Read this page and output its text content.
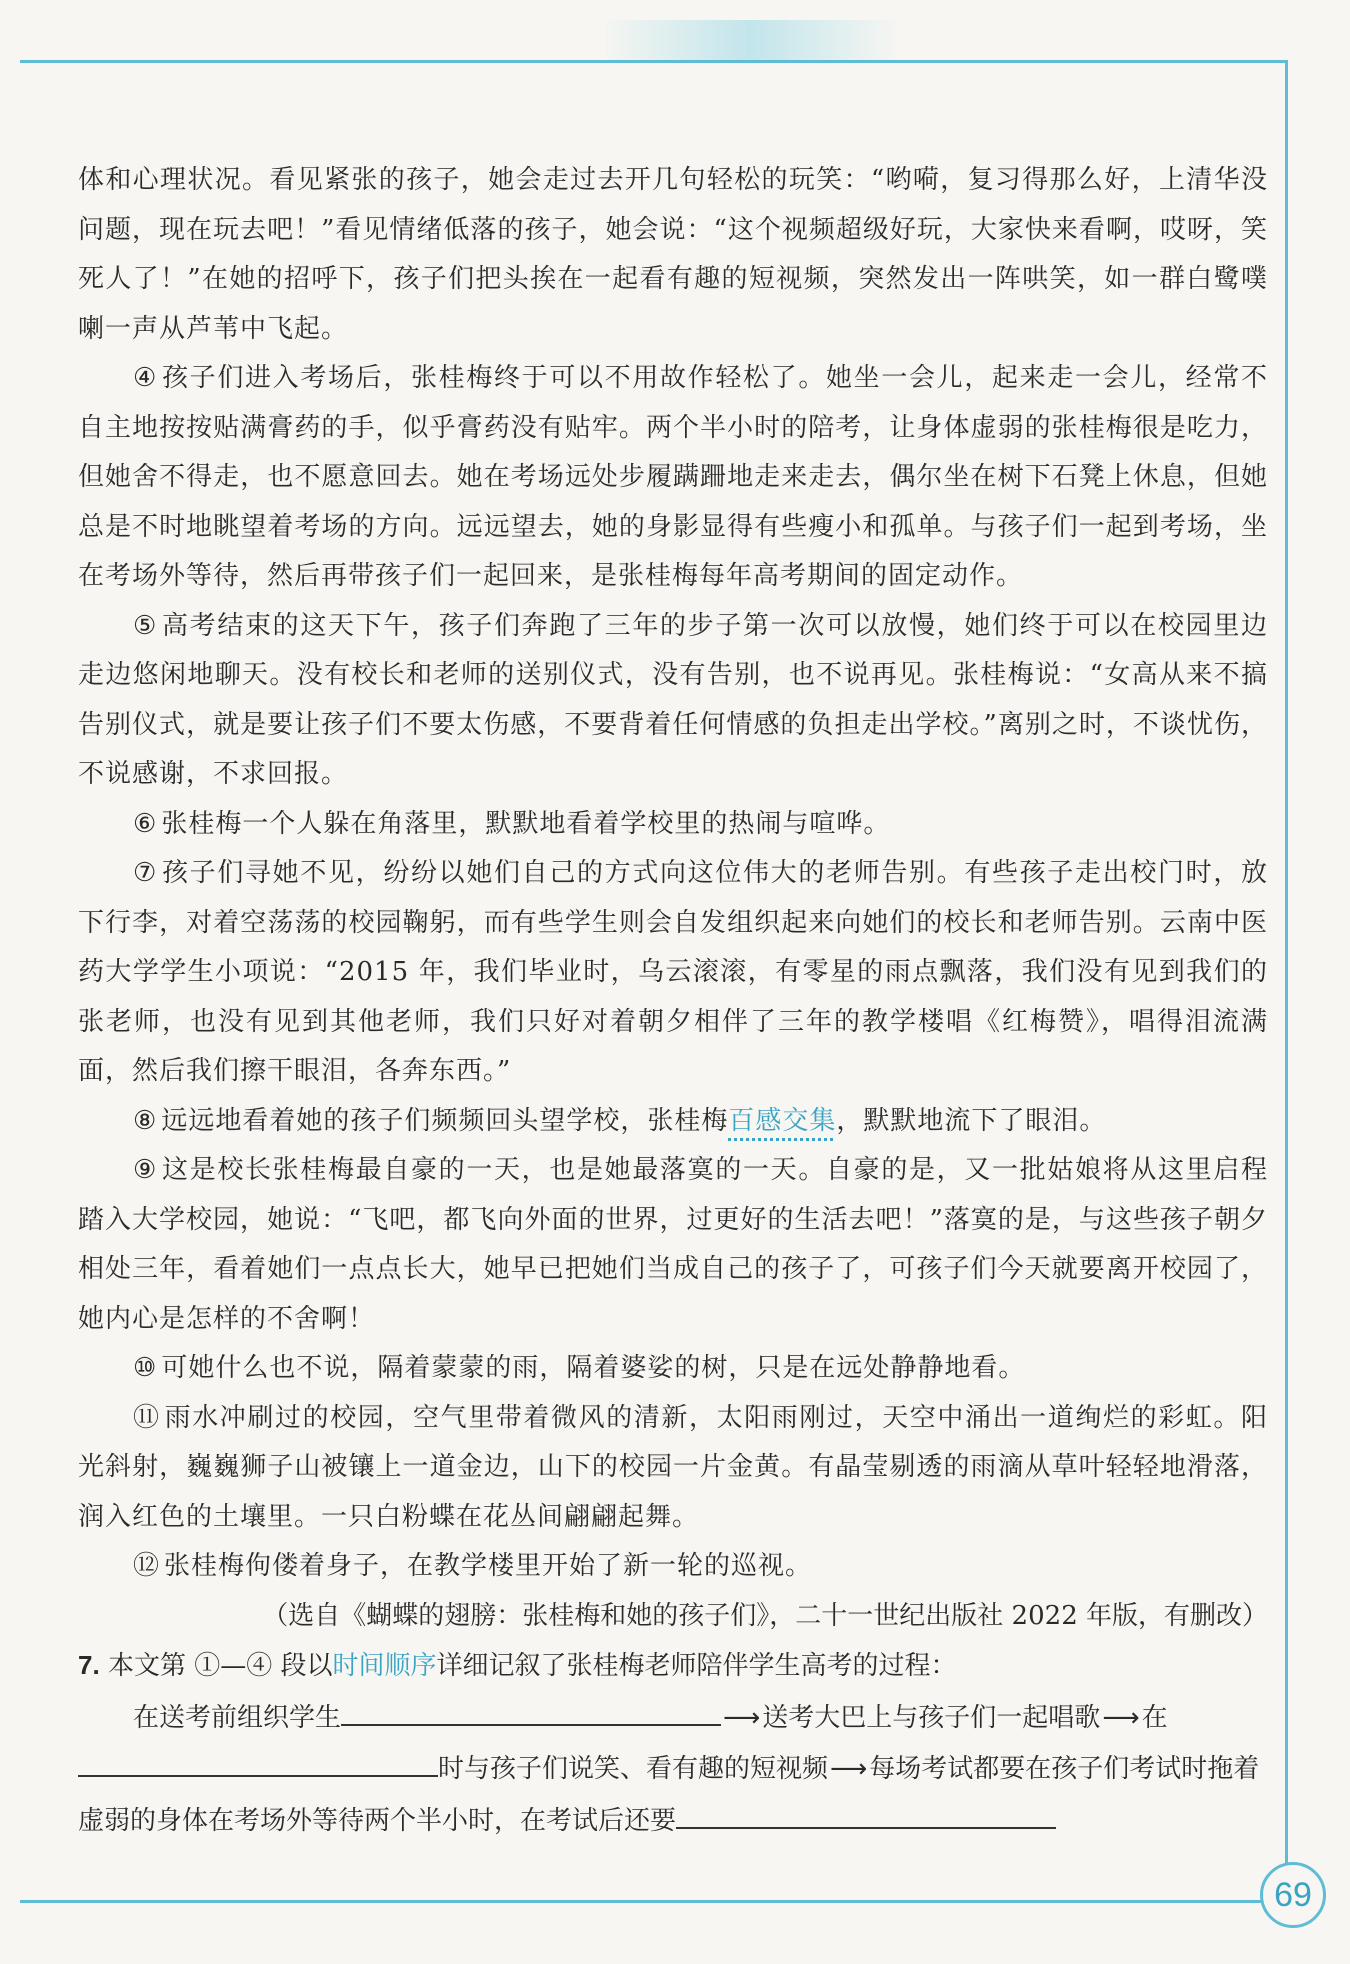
69

体和心理状况。看见紧张的孩子，她会走过去开几句轻松的玩笑：“哟嗬，复习得那么好，上清华没问题，现在玩去吧！”看见情绪低落的孩子，她会说：“这个视频超级好玩，大家快来看啊，哎呀，笑死人了！”在她的招呼下，孩子们把头挨在一起看有趣的短视频，突然发出一阵哄笑，如一群白鹭噗喇一声从芦苇中飞起。

④ 孩子们进入考场后，张桂梅终于可以不用故作轻松了。她坐一会儿，起来走一会儿，经常不自主地按按贴满膏药的手，似乎膏药没有贴牢。两个半小时的陪考，让身体虚弱的张桂梅很是吃力，但她舍不得走，也不愿意回去。她在考场远处步履蹒跚地走来走去，偶尔坐在树下石凳上休息，但她总是不时地眺望着考场的方向。远远望去，她的身影显得有些瘦小和孤单。与孩子们一起到考场，坐在考场外等待，然后再带孩子们一起回来，是张桂梅每年高考期间的固定动作。

⑤ 高考结束的这天下午，孩子们奔跑了三年的步子第一次可以放慢，她们终于可以在校园里边走边悠闲地聊天。没有校长和老师的送别仪式，没有告别，也不说再见。张桂梅说：“女高从来不搞告别仪式，就是要让孩子们不要太伤感，不要背着任何情感的负担走出学校。”离别之时，不谈忧伤，不说感谢，不求回报。

⑥ 张桂梅一个人躲在角落里，默默地看着学校里的热闹与喧哗。

⑦ 孩子们寻她不见，纷纷以她们自己的方式向这位伟大的老师告别。有些孩子走出校门时，放下行李，对着空荡荡的校园鞠躬，而有些学生则会自发组织起来向她们的校长和老师告别。云南中医药大学学生小项说：“2015 年，我们毕业时，乌云滚滚，有零星的雨点飘落，我们没有见到我们的张老师，也没有见到其他老师，我们只好对着朝夕相伴了三年的教学楼唱《红梅赞》，唱得泪流满面，然后我们擦干眼泪，各奔东西。”

⑧ 远远地看着她的孩子们频频回头望学校，张桂梅百感交集，默默地流下了眼泪。

⑨ 这是校长张桂梅最自豪的一天，也是她最落寞的一天。自豪的是，又一批姑娘将从这里启程踏入大学校园，她说：“飞吧，都飞向外面的世界，过更好的生活去吧！”落寞的是，与这些孩子朝夕相处三年，看着她们一点点长大，她早已把她们当成自己的孩子了，可孩子们今天就要离开校园了，她内心是怎样的不舍啊！

⑩ 可她什么也不说，隔着蒙蒙的雨，隔着婆娑的树，只是在远处静静地看。

⑪ 雨水冲刷过的校园，空气里带着微风的清新，太阳雨刚过，天空中涌出一道绚烂的彩虹。阳光斜射，巍巍狮子山被镶上一道金边，山下的校园一片金黄。有晶莹剔透的雨滴从草叶轻轻地滑落，润入红色的土壤里。一只白粉蝶在花丛间翩翩起舞。

⑫ 张桂梅佝偻着身子，在教学楼里开始了新一轮的巡视。

（选自《蝴蝶的翅膀：张桂梅和她的孩子们》，二十一世纪出版社 2022 年版，有删改）

7. 本文第 ①—④ 段以时间顺序详细记叙了张桂梅老师陪伴学生高考的过程：

在送考前组织学生	⟶送考大巴上与孩子们一起唱歌⟶在

时与孩子们说笑、看有趣的短视频⟶每场考试都要在孩子们考试时拖着虚弱的身体在考场外等待两个半小时，在考试后还要
